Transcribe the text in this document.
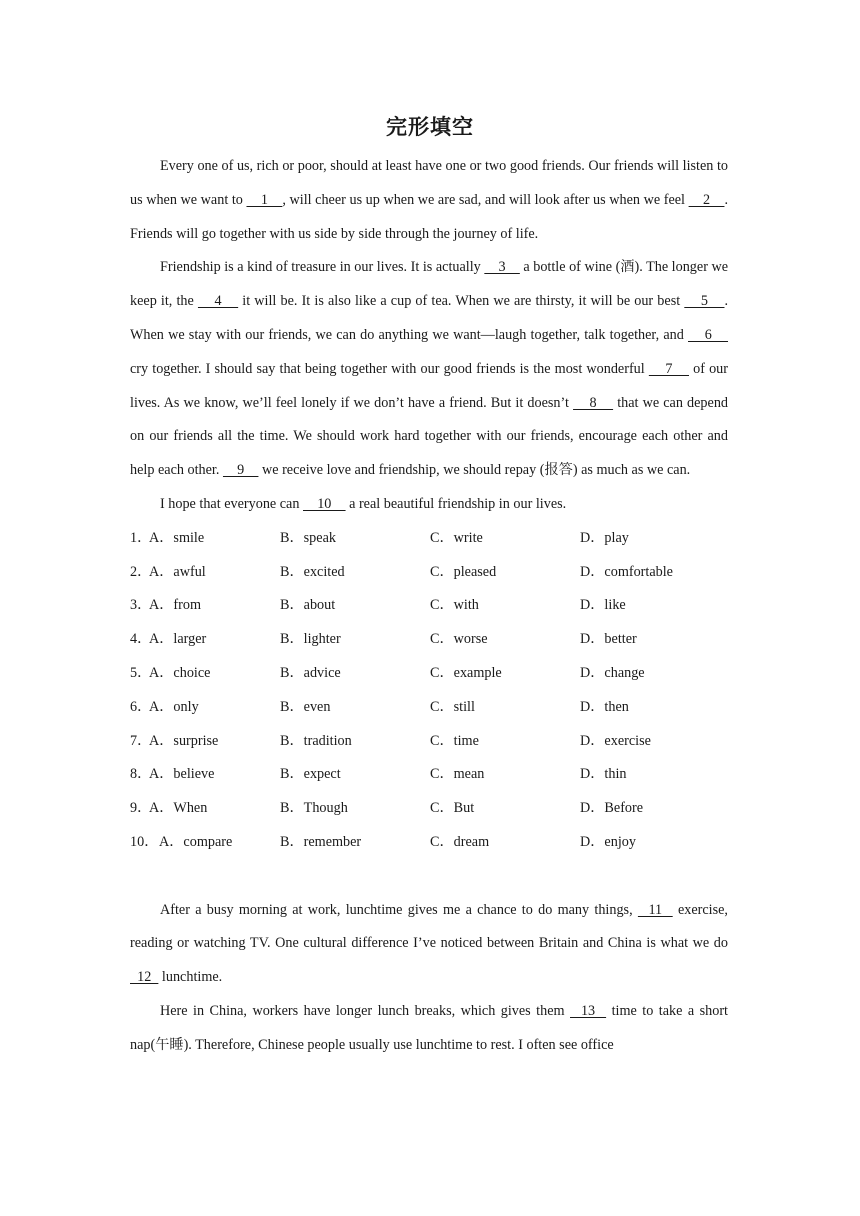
完形填空

Every one of us, rich or poor, should at least have one or two good friends. Our friends will listen to us when we want to     1    , will cheer us up when we are sad, and will look after us when we feel     2    . Friends will go together with us side by side through the journey of life.

Friendship is a kind of treasure in our lives. It is actually     3     a bottle of wine (酒). The longer we keep it, the     4     it will be. It is also like a cup of tea. When we are thirsty, it will be our best     5    . When we stay with our friends, we can do anything we want—laugh together, talk together, and     6     cry together. I should say that being together with our good friends is the most wonderful     7     of our lives. As we know, we’ll feel lonely if we don’t have a friend. But it doesn’t     8     that we can depend on our friends all the time. We should work hard together with our friends, encourage each other and help each other.     9     we receive love and friendship, we should repay (报答) as much as we can.

I hope that everyone can     10     a real beautiful friendship in our lives.

1．
A．smile	B．speak	C．write	D．play
2．
A．awful	B．excited	C．pleased	D．comfortable
3．
A．from	B．about	C．with	D．like
4．
A．larger	B．lighter	C．worse	D．better
5．
A．choice	B．advice	C．example	D．change
6．
A．only	B．even	C．still	D．then
7．
A．surprise	B．tradition	C．time	D．exercise
8．
A．believe	B．expect	C．mean	D．thin
9．
A．When	B．Though	C．But	D．Before
10． A．compare	B．remember	C．dream	D．enjoy

After a busy morning at work, lunchtime gives me a chance to do many things,   11   exercise, reading or watching TV. One cultural difference I’ve noticed between Britain and China is what we do   12   lunchtime.

Here in China, workers have longer lunch breaks, which gives them   13   time to take a short nap(午睡). Therefore, Chinese people usually use lunchtime to rest. I often see office
